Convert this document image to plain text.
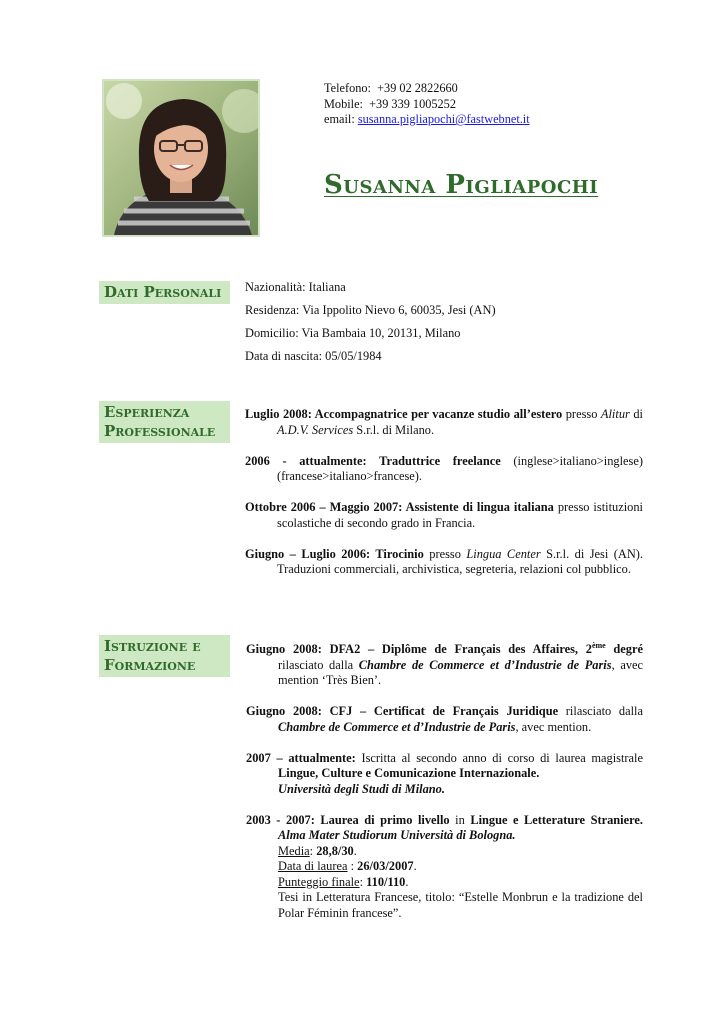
Telefono: +39 02 2822660
Mobile: +39 339 1005252
email: susanna.pigliapochi@fastwebnet.it
Susanna Pigliapochi
Dati Personali	Nazionalità: Italiana

Residenza: Via Ippolito Nievo 6, 60035, Jesi (AN)

Domicilio: Via Bambaia 10, 20131, Milano

Data di nascita: 05/05/1984

Esperienza
Professionale

Luglio 2008: Accompagnatrice per vacanze studio all’estero presso Alitur di A.D.V. Services S.r.l. di Milano.

2006 - attualmente: Traduttrice freelance (inglese>italiano>inglese) (francese>italiano>francese).

Ottobre 2006 – Maggio 2007: Assistente di lingua italiana presso istituzioni scolastiche di secondo grado in Francia.

Giugno – Luglio 2006: Tirocinio presso Lingua Center S.r.l. di Jesi (AN). Traduzioni commerciali, archivistica, segreteria, relazioni col pubblico.

Istruzione e
Formazione

Giugno 2008: DFA2 – Diplôme de Français des Affaires, 2ème degré rilasciato dalla Chambre de Commerce et d’Industrie de Paris, avec mention ‘Très Bien’.

Giugno 2008: CFJ – Certificat de Français Juridique rilasciato dalla Chambre de Commerce et d’Industrie de Paris, avec mention.

2007 – attualmente: Iscritta al secondo anno di corso di laurea magistrale Lingue, Culture e Comunicazione Internazionale.
Università degli Studi di Milano.

2003 - 2007: Laurea di primo livello in Lingue e Letterature Straniere. Alma Mater Studiorum Università di Bologna.
Media: 28,8/30.
Data di laurea : 26/03/2007.
Punteggio finale: 110/110.
Tesi in Letteratura Francese, titolo: “Estelle Monbrun e la tradizione del Polar Féminin francese”.
